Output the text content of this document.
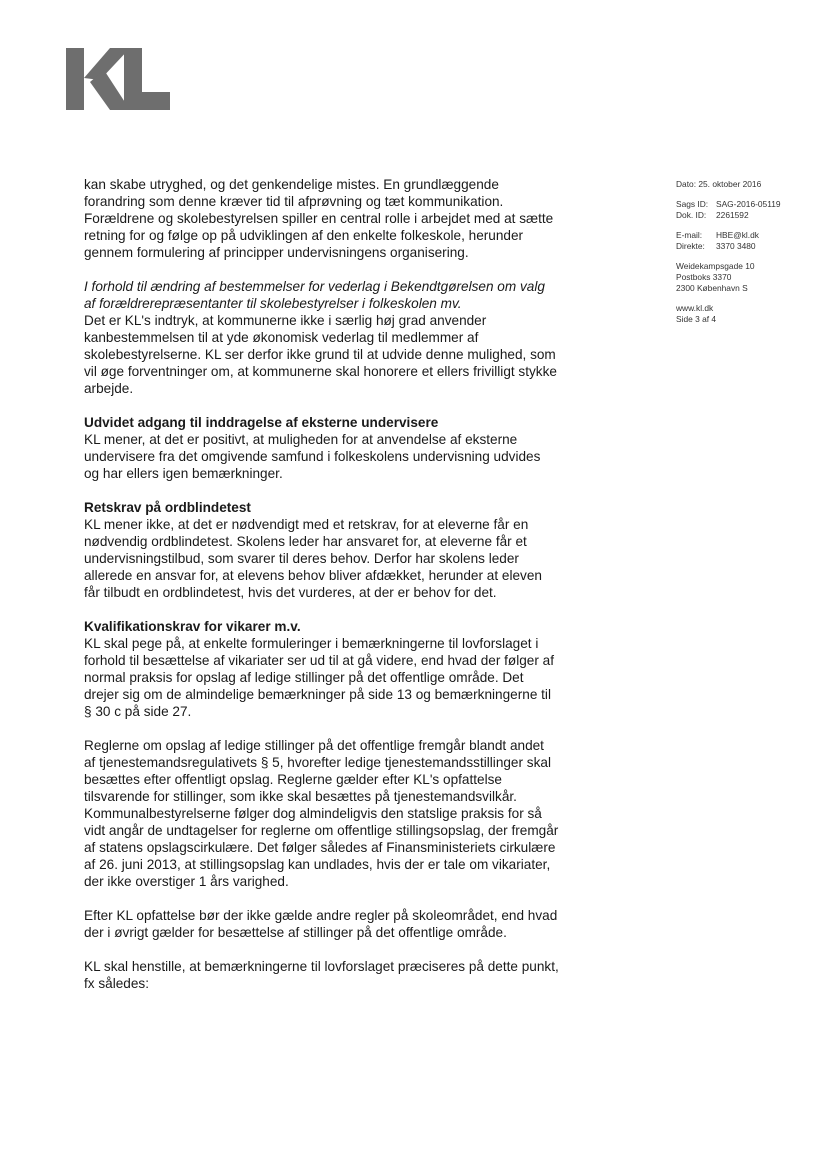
kan skabe utryghed, og det genkendelige mistes. En grundlæggende forandring som denne kræver tid til afprøvning og tæt kommunikation. Forældrene og skolebestyrelsen spiller en central rolle i arbejdet med at sætte retning for og følge op på udviklingen af den enkelte folkeskole, herunder gennem formulering af principper undervisningens organisering.

I forhold til ændring af bestemmelser for vederlag i Bekendtgørelsen om valg af forældrerepræsentanter til skolebestyrelser i folkeskolen mv.
Det er KL's indtryk, at kommunerne ikke i særlig høj grad anvender kanbestemmelsen til at yde økonomisk vederlag til medlemmer af skolebestyrelserne. KL ser derfor ikke grund til at udvide denne mulighed, som vil øge forventninger om, at kommunerne skal honorere et ellers frivilligt stykke arbejde.
Udvidet adgang til inddragelse af eksterne undervisere
KL mener, at det er positivt, at muligheden for at anvendelse af eksterne undervisere fra det omgivende samfund i folkeskolens undervisning udvides og har ellers igen bemærkninger.
Retskrav på ordblindetest
KL mener ikke, at det er nødvendigt med et retskrav, for at eleverne får en nødvendig ordblindetest. Skolens leder har ansvaret for, at eleverne får et undervisningstilbud, som svarer til deres behov. Derfor har skolens leder allerede en ansvar for, at elevens behov bliver afdækket, herunder at eleven får tilbudt en ordblindetest, hvis det vurderes, at der er behov for det.
Kvalifikationskrav for vikarer m.v.
KL skal pege på, at enkelte formuleringer i bemærkningerne til lovforslaget i forhold til besættelse af vikariater ser ud til at gå videre, end hvad der følger af normal praksis for opslag af ledige stillinger på det offentlige område. Det drejer sig om de almindelige bemærkninger på side 13 og bemærkningerne til § 30 c på side 27.

Reglerne om opslag af ledige stillinger på det offentlige fremgår blandt andet af tjenestemandsregulativets § 5, hvorefter ledige tjenestemandsstillinger skal besættes efter offentligt opslag. Reglerne gælder efter KL's opfattelse tilsvarende for stillinger, som ikke skal besættes på tjenestemandsvilkår. Kommunalbestyrelserne følger dog almindeligvis den statslige praksis for så vidt angår de undtagelser for reglerne om offentlige stillingsopslag, der fremgår af statens opslagscirkulære. Det følger således af Finansministeriets cirkulære af 26. juni 2013, at stillingsopslag kan undlades, hvis der er tale om vikariater, der ikke overstiger 1 års varighed.

Efter KL opfattelse bør der ikke gælde andre regler på skoleområdet, end hvad der i øvrigt gælder for besættelse af stillinger på det offentlige område.

KL skal henstille, at bemærkningerne til lovforslaget præciseres på dette punkt, fx således:

Dato: 25. oktober 2016
Sags ID: SAG-2016-05119
Dok. ID: 2261592
E-mail: HBE@kl.dk
Direkte: 3370 3480
Weidekampsgade 10
Postboks 3370
2300 København S
www.kl.dk
Side 3 af 4
